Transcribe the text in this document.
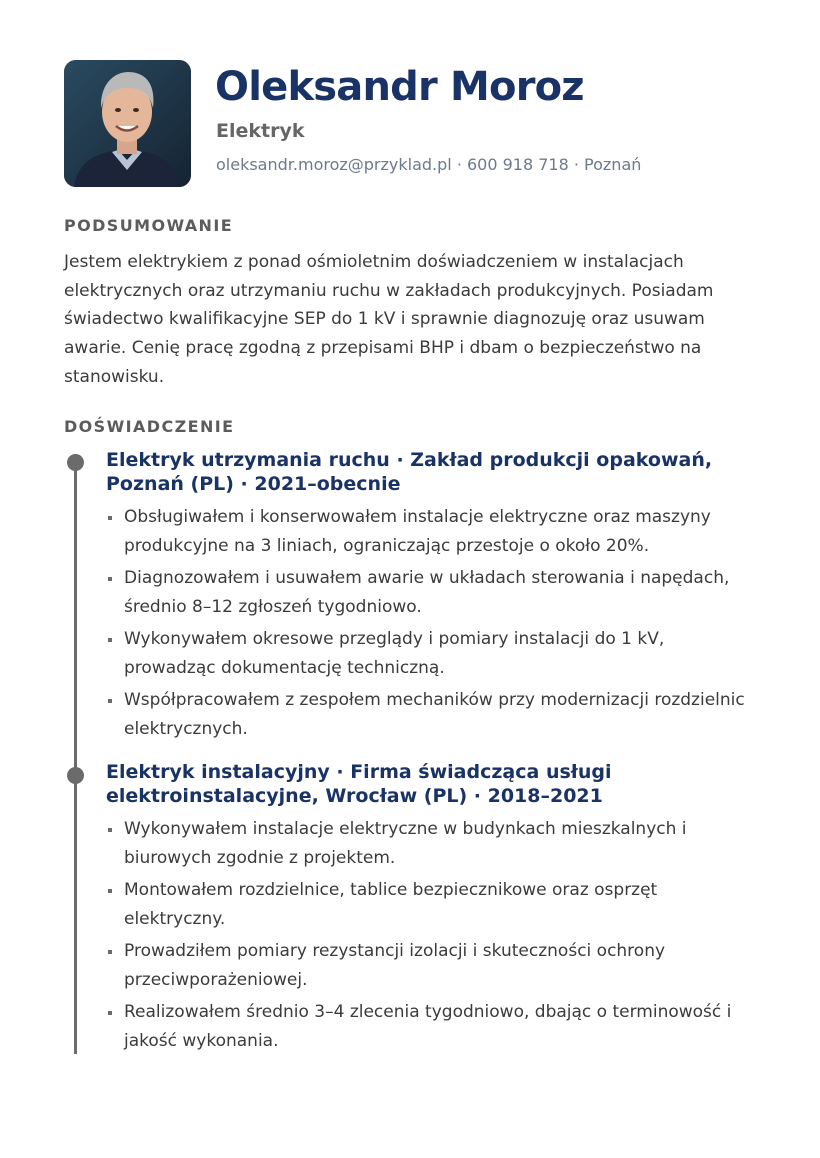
Oleksandr Moroz
Elektryk
oleksandr.moroz@przyklad.pl · 600 918 718 · Poznań
PODSUMOWANIE

Jestem elektrykiem z ponad ośmioletnim doświadczeniem w instalacjach elektrycznych oraz utrzymaniu ruchu w zakładach produkcyjnych. Posiadam świadectwo kwalifikacyjne SEP do 1 kV i sprawnie diagnozuję oraz usuwam awarie. Cenię pracę zgodną z przepisami BHP i dbam o bezpieczeństwo na stanowisku.

DOŚWIADCZENIE
Elektryk utrzymania ruchu · Zakład produkcji opakowań, Poznań (PL) · 2021–obecnie
Obsługiwałem i konserwowałem instalacje elektryczne oraz maszyny produkcyjne na 3 liniach, ograniczając przestoje o około 20%.
Diagnozowałem i usuwałem awarie w układach sterowania i napędach, średnio 8–12 zgłoszeń tygodniowo.
Wykonywałem okresowe przeglądy i pomiary instalacji do 1 kV, prowadząc dokumentację techniczną.
Współpracowałem z zespołem mechaników przy modernizacji rozdzielnic elektrycznych.
Elektryk instalacyjny · Firma świadcząca usługi elektroinstalacyjne, Wrocław (PL) · 2018–2021
Wykonywałem instalacje elektryczne w budynkach mieszkalnych i biurowych zgodnie z projektem.
Montowałem rozdzielnice, tablice bezpiecznikowe oraz osprzęt elektryczny.
Prowadziłem pomiary rezystancji izolacji i skuteczności ochrony przeciwporażeniowej.
Realizowałem średnio 3–4 zlecenia tygodniowo, dbając o terminowość i jakość wykonania.
